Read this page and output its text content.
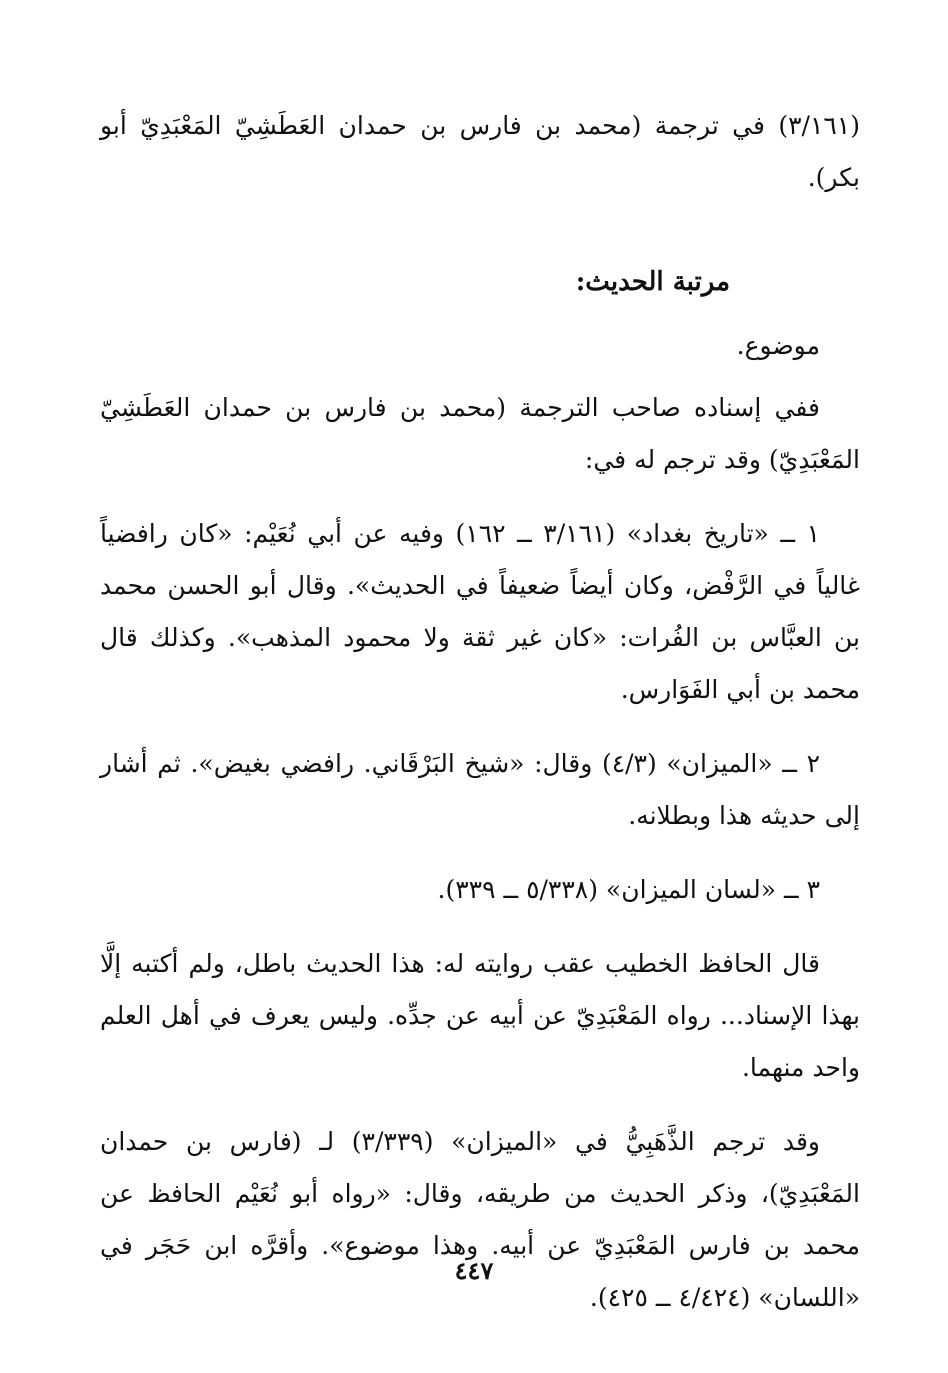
(٣/١٦١) في ترجمة (محمد بن فارس بن حمدان العَطَشِيّ المَعْبَدِيّ أبو بكر).

مرتبة الحديث:

موضوع.

ففي إسناده صاحب الترجمة (محمد بن فارس بن حمدان العَطَشِيّ المَعْبَدِيّ) وقد ترجم له في:

١ ــ «تاريخ بغداد» (٣/١٦١ ــ ١٦٢) وفيه عن أبي نُعَيْم: «كان رافضياً غالياً في الرَّفْض، وكان أيضاً ضعيفاً في الحديث». وقال أبو الحسن محمد بن العبَّاس بن الفُرات: «كان غير ثقة ولا محمود المذهب». وكذلك قال محمد بن أبي الفَوَارس.

٢ ــ «الميزان» (٤/٣) وقال: «شيخ البَرْقَاني. رافضي بغيض». ثم أشار إلى حديثه هذا وبطلانه.

٣ ــ «لسان الميزان» (٥/٣٣٨ ــ ٣٣٩).

قال الحافظ الخطيب عقب روايته له: هذا الحديث باطل، ولم أكتبه إلَّا بهذا الإسناد... رواه المَعْبَدِيّ عن أبيه عن جدِّه. وليس يعرف في أهل العلم واحد منهما.

وقد ترجم الذَّهَبِيُّ في «الميزان» (٣/٣٣٩) لـ (فارس بن حمدان المَعْبَدِيّ)، وذكر الحديث من طريقه، وقال: «رواه أبو نُعَيْم الحافظ عن محمد بن فارس المَعْبَدِيّ عن أبيه. وهذا موضوع». وأقرَّه ابن حَجَر في «اللسان» (٤/٤٢٤ ــ ٤٢٥).

٤٤٧
